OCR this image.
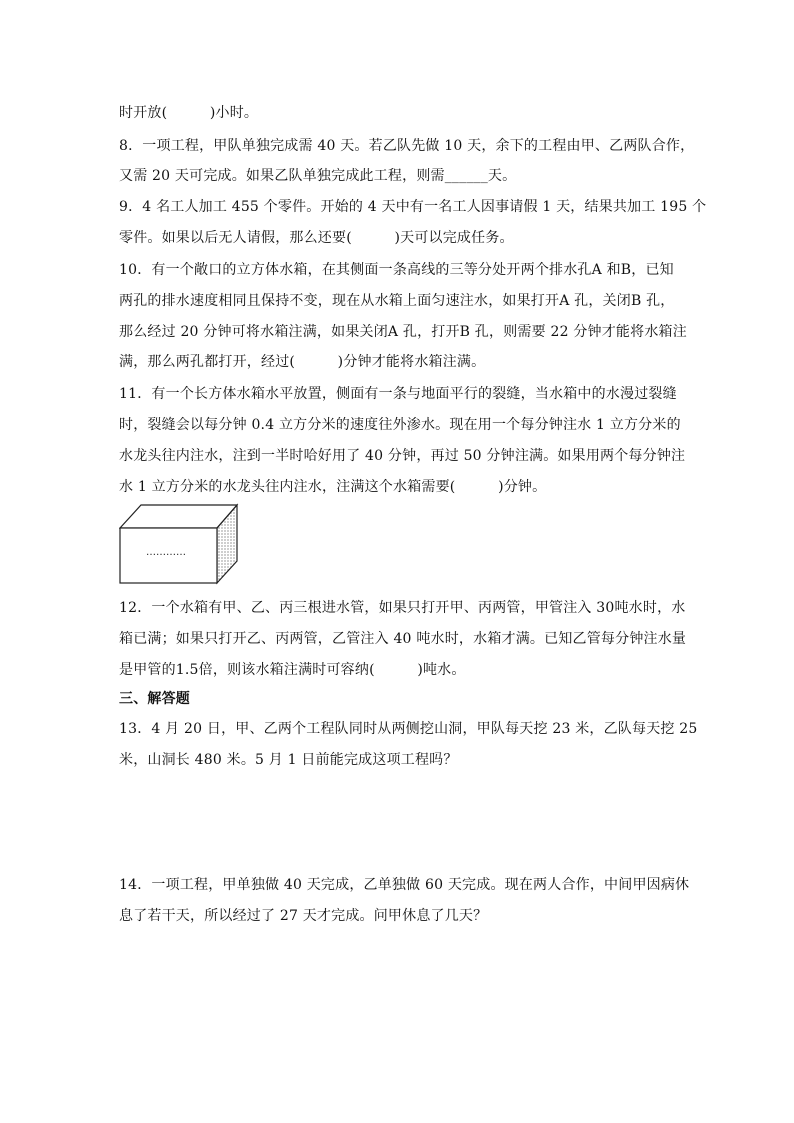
时开放(　　　)小时。
8．一项工程，甲队单独完成需 40 天。若乙队先做 10 天，余下的工程由甲、乙两队合作，
又需 20 天可完成。如果乙队单独完成此工程，则需______天。
9．4 名工人加工 455 个零件。开始的 4 天中有一名工人因事请假 1 天，结果共加工 195 个
零件。如果以后无人请假，那么还要(　　　)天可以完成任务。
10．有一个敞口的立方体水箱，在其侧面一条高线的三等分处开两个排水孔A 和B，已知
两孔的排水速度相同且保持不变，现在从水箱上面匀速注水，如果打开A 孔，关闭B 孔，
那么经过 20 分钟可将水箱注满，如果关闭A 孔，打开B 孔，则需要 22 分钟才能将水箱注
满，那么两孔都打开，经过(　　　)分钟才能将水箱注满。
11．有一个长方体水箱水平放置，侧面有一条与地面平行的裂缝，当水箱中的水漫过裂缝
时，裂缝会以每分钟 0.4 立方分米的速度往外渗水。现在用一个每分钟注水 1 立方分米的
水龙头往内注水，注到一半时哈好用了 40 分钟，再过 50 分钟注满。如果用两个每分钟注
水 1 立方分米的水龙头往内注水，注满这个水箱需要(　　　)分钟。
…………
12．一个水箱有甲、乙、丙三根进水管，如果只打开甲、丙两管，甲管注入 30吨水时，水
箱已满；如果只打开乙、丙两管，乙管注入 40 吨水时，水箱才满。已知乙管每分钟注水量
是甲管的1.5倍，则该水箱注满时可容纳(　　　)吨水。
三、解答题
13．4 月 20 日，甲、乙两个工程队同时从两侧挖山洞，甲队每天挖 23 米，乙队每天挖 25
米，山洞长 480 米。5 月 1 日前能完成这项工程吗？
14．一项工程，甲单独做 40 天完成，乙单独做 60 天完成。现在两人合作，中间甲因病休
息了若干天，所以经过了 27 天才完成。问甲休息了几天？
